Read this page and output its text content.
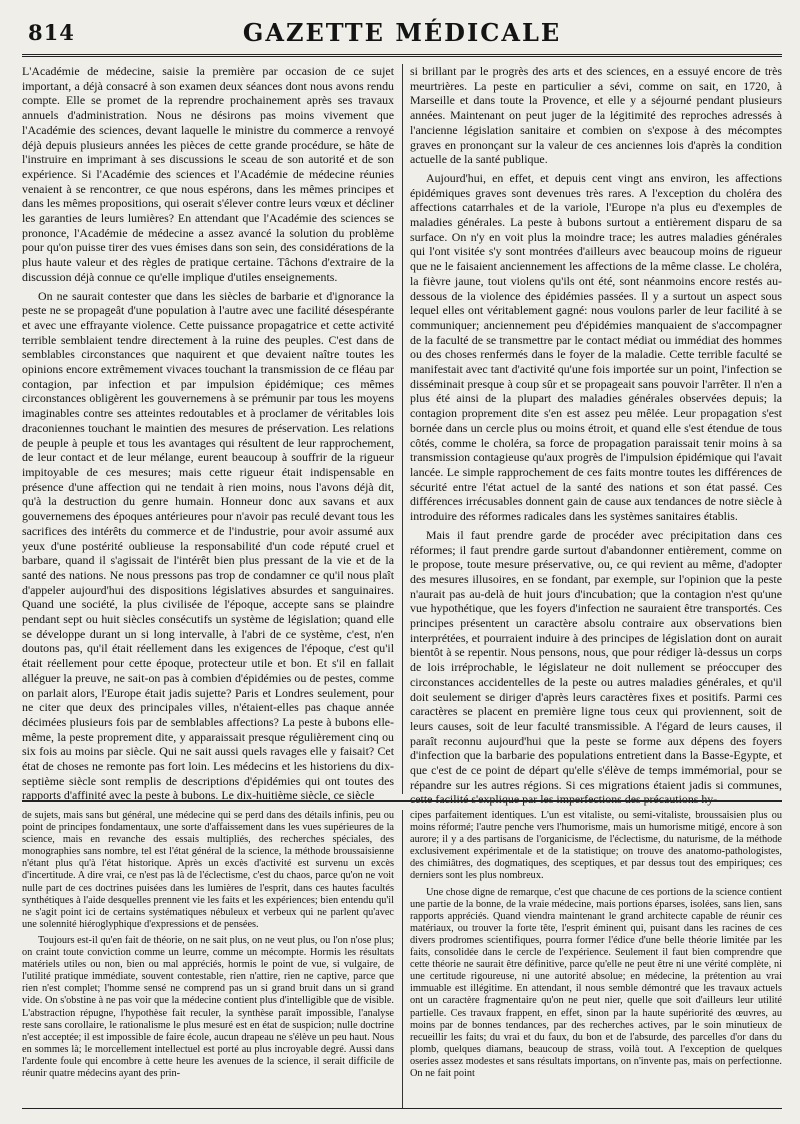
814	GAZETTE MÉDICALE

L'Académie de médecine, saisie la première par occasion de ce sujet important, a déjà consacré à son examen deux séances dont nous avons rendu compte. Elle se promet de la reprendre prochainement après ses travaux annuels d'administration. Nous ne désirons pas moins vivement que l'Académie des sciences, devant laquelle le ministre du commerce a renvoyé déjà depuis plusieurs années les pièces de cette grande procédure, se hâte de l'instruire en imprimant à ses discussions le sceau de son autorité et de son expérience. Si l'Académie des sciences et l'Académie de médecine réunies venaient à se rencontrer, ce que nous espérons, dans les mêmes principes et dans les mêmes propositions, qui oserait s'élever contre leurs vœux et décliner les garanties de leurs lumières? En attendant que l'Académie des sciences se prononce, l'Académie de médecine a assez avancé la solution du problème pour qu'on puisse tirer des vues émises dans son sein, des considérations de la plus haute valeur et des règles de pratique certaine. Tâchons d'extraire de la discussion déjà connue ce qu'elle implique d'utiles enseignements.

On ne saurait contester que dans les siècles de barbarie et d'ignorance la peste ne se propageât d'une population à l'autre avec une facilité désespérante et avec une effrayante violence. Cette puissance propagatrice et cette activité terrible semblaient tendre directement à la ruine des peuples. C'est dans de semblables circonstances que naquirent et que devaient naître toutes les opinions encore extrêmement vivaces touchant la transmission de ce fléau par contagion, par infection et par impulsion épidémique; ces mêmes circonstances obligèrent les gouvernemens à se prémunir par tous les moyens imaginables contre ses atteintes redoutables et à proclamer de véritables lois draconiennes touchant le maintien des mesures de préservation. Les relations de peuple à peuple et tous les avantages qui résultent de leur rapprochement, de leur contact et de leur mélange, eurent beaucoup à souffrir de la rigueur impitoyable de ces mesures; mais cette rigueur était indispensable en présence d'une affection qui ne tendait à rien moins, nous l'avons déjà dit, qu'à la destruction du genre humain. Honneur donc aux savans et aux gouvernemens des époques antérieures pour n'avoir pas reculé devant tous les sacrifices des intérêts du commerce et de l'industrie, pour avoir assumé aux yeux d'une postérité oublieuse la responsabilité d'un code réputé cruel et barbare, quand il s'agissait de l'intérêt bien plus pressant de la vie et de la santé des nations. Ne nous pressons pas trop de condamner ce qu'il nous plaît d'appeler aujourd'hui des dispositions législatives absurdes et sanguinaires. Quand une société, la plus civilisée de l'époque, accepte sans se plaindre pendant sept ou huit siècles consécutifs un système de législation; quand elle se développe durant un si long intervalle, à l'abri de ce système, c'est, n'en doutons pas, qu'il était réellement dans les exigences de l'époque, c'est qu'il était réellement pour cette époque, protecteur utile et bon. Et s'il en fallait alléguer la preuve, ne sait-on pas à combien d'épidémies ou de pestes, comme on parlait alors, l'Europe était jadis sujette? Paris et Londres seulement, pour ne citer que deux des principales villes, n'étaient-elles pas chaque année décimées plusieurs fois par de semblables affections? La peste à bubons elle-même, la peste proprement dite, y apparaissait presque régulièrement cinq ou six fois au moins par siècle. Qui ne sait aussi quels ravages elle y faisait? Cet état de choses ne remonte pas fort loin. Les médecins et les historiens du dix-septième siècle sont remplis de descriptions d'épidémies qui ont toutes des rapports d'affinité avec la peste à bubons. Le dix-huitième siècle, ce siècle

si brillant par le progrès des arts et des sciences, en a essuyé encore de très meurtrières. La peste en particulier a sévi, comme on sait, en 1720, à Marseille et dans toute la Provence, et elle y a séjourné pendant plusieurs années. Maintenant on peut juger de la légitimité des reproches adressés à l'ancienne législation sanitaire et combien on s'expose à des mécomptes graves en prononçant sur la valeur de ces anciennes lois d'après la condition actuelle de la santé publique.

Aujourd'hui, en effet, et depuis cent vingt ans environ, les affections épidémiques graves sont devenues très rares. A l'exception du choléra des affections catarrhales et de la variole, l'Europe n'a plus eu d'exemples de maladies générales. La peste à bubons surtout a entièrement disparu de sa surface. On n'y en voit plus la moindre trace; les autres maladies générales qui l'ont visitée s'y sont montrées d'ailleurs avec beaucoup moins de rigueur que ne le faisaient anciennement les affections de la même classe. Le choléra, la fièvre jaune, tout violens qu'ils ont été, sont néanmoins encore restés au-dessous de la violence des épidémies passées. Il y a surtout un aspect sous lequel elles ont véritablement gagné: nous voulons parler de leur facilité à se communiquer; anciennement peu d'épidémies manquaient de s'accompagner de la faculté de se transmettre par le contact médiat ou immédiat des hommes ou des choses renfermés dans le foyer de la maladie. Cette terrible faculté se manifestait avec tant d'activité qu'une fois importée sur un point, l'infection se disséminait presque à coup sûr et se propageait sans pouvoir l'arrêter. Il n'en a plus été ainsi de la plupart des maladies générales observées depuis; la contagion proprement dite s'en est assez peu mêlée. Leur propagation s'est bornée dans un cercle plus ou moins étroit, et quand elle s'est étendue de tous côtés, comme le choléra, sa force de propagation paraissait tenir moins à sa transmission contagieuse qu'aux progrès de l'impulsion épidémique qui l'avait lancée. Le simple rapprochement de ces faits montre toutes les différences de sécurité entre l'état actuel de la santé des nations et son état passé. Ces différences irrécusables donnent gain de cause aux tendances de notre siècle à introduire des réformes radicales dans les systèmes sanitaires établis.

Mais il faut prendre garde de procéder avec précipitation dans ces réformes; il faut prendre garde surtout d'abandonner entièrement, comme on le propose, toute mesure préservative, ou, ce qui revient au même, d'adopter des mesures illusoires, en se fondant, par exemple, sur l'opinion que la peste n'aurait pas au-delà de huit jours d'incubation; que la contagion n'est qu'une vue hypothétique, que les foyers d'infection ne sauraient être transportés. Ces principes présentent un caractère absolu contraire aux observations bien interprétées, et pourraient induire à des principes de législation dont on aurait bientôt à se repentir. Nous pensons, nous, que pour rédiger là-dessus un corps de lois irréprochable, le législateur ne doit nullement se préoccuper des circonstances accidentelles de la peste ou autres maladies générales, et qu'il doit seulement se diriger d'après leurs caractères fixes et positifs. Parmi ces caractères se placent en première ligne tous ceux qui proviennent, soit de leurs causes, soit de leur faculté transmissible. A l'égard de leurs causes, il paraît reconnu aujourd'hui que la peste se forme aux dépens des foyers d'infection que la barbarie des populations entretient dans la Basse-Egypte, et que c'est de ce point de départ qu'elle s'élève de temps immémorial, pour se répandre sur les autres régions. Si ces migrations étaient jadis si communes, cette facilité s'explique par les imperfections des précautions hy-

de sujets, mais sans but général, une médecine qui se perd dans des détails infinis, peu ou point de principes fondamentaux, une sorte d'affaissement dans les vues supérieures de la science, mais en revanche des essais multipliés, des recherches spéciales, des monographies sans nombre, tel est l'état général de la science, la méthode broussaisienne n'étant plus qu'à l'état historique. Après un excès d'activité est survenu un excès d'incertitude. A dire vrai, ce n'est pas là de l'éclectisme, c'est du chaos, parce qu'on ne voit nulle part de ces doctrines puisées dans les lumières de l'esprit, dans ces hautes facultés synthétiques à l'aide desquelles prennent vie les faits et les expériences; bien entendu qu'il ne s'agit point ici de certains systématiques nébuleux et verbeux qui ne parlent qu'avec une solennité hiéroglyphique d'expressions et de pensées.

Toujours est-il qu'en fait de théorie, on ne sait plus, on ne veut plus, ou l'on n'ose plus; on craint toute conviction comme un leurre, comme un mécompte. Hormis les résultats matériels utiles ou non, bien ou mal appréciés, hormis le point de vue, si vulgaire, de l'utilité pratique immédiate, souvent contestable, rien n'attire, rien ne captive, parce que rien n'est complet; l'homme sensé ne comprend pas un si grand bruit dans un si grand vide. On s'obstine à ne pas voir que la médecine contient plus d'intelligible que de visible. L'abstraction répugne, l'hypothèse fait reculer, la synthèse paraît impossible, l'analyse reste sans corollaire, le rationalisme le plus mesuré est en état de suspicion; nulle doctrine n'est acceptée; il est impossible de faire école, aucun drapeau ne s'élève un peu haut. Nous en sommes là; le morcellement intellectuel est porté au plus incroyable degré. Aussi dans l'ardente foule qui encombre à cette heure les avenues de la science, il serait difficile de réunir quatre médecins ayant des prin-

cipes parfaitement identiques. L'un est vitaliste, ou semi-vitaliste, broussaisien plus ou moins réformé; l'autre penche vers l'humorisme, mais un humorisme mitigé, encore à son aurore; il y a des partisans de l'organicisme, de l'éclectisme, du naturisme, de la méthode exclusivement expérimentale et de la statistique; on trouve des anatomo-pathologistes, des chimiâtres, des dogmatiques, des sceptiques, et par dessus tout des empiriques; ces derniers sont les plus nombreux.

Une chose digne de remarque, c'est que chacune de ces portions de la science contient une partie de la bonne, de la vraie médecine, mais portions éparses, isolées, sans lien, sans rapports appréciés. Quand viendra maintenant le grand architecte capable de réunir ces matériaux, ou trouver la forte tête, l'esprit éminent qui, puisant dans les racines de ces divers prodromes scientifiques, pourra former l'édice d'une belle théorie limitée par les faits, consolidée dans le cercle de l'expérience. Seulement il faut bien comprendre que cette théorie ne saurait être définitive, parce qu'elle ne peut être ni une vérité complète, ni une certitude rigoureuse, ni une autorité absolue; en médecine, la prétention au vrai immuable est illégitime. En attendant, il nous semble démontré que les travaux actuels ont un caractère fragmentaire qu'on ne peut nier, quelle que soit d'ailleurs leur utilité partielle. Ces travaux frappent, en effet, sinon par la haute supériorité des œuvres, au moins par de bonnes tendances, par des recherches actives, par le soin minutieux de recueillir les faits; du vrai et du faux, du bon et de l'absurde, des parcelles d'or dans du plomb, quelques diamans, beaucoup de strass, voilà tout. A l'exception de quelques oseries assez modestes et sans résultats importans, on n'invente pas, mais on perfectionne. On ne fait point
